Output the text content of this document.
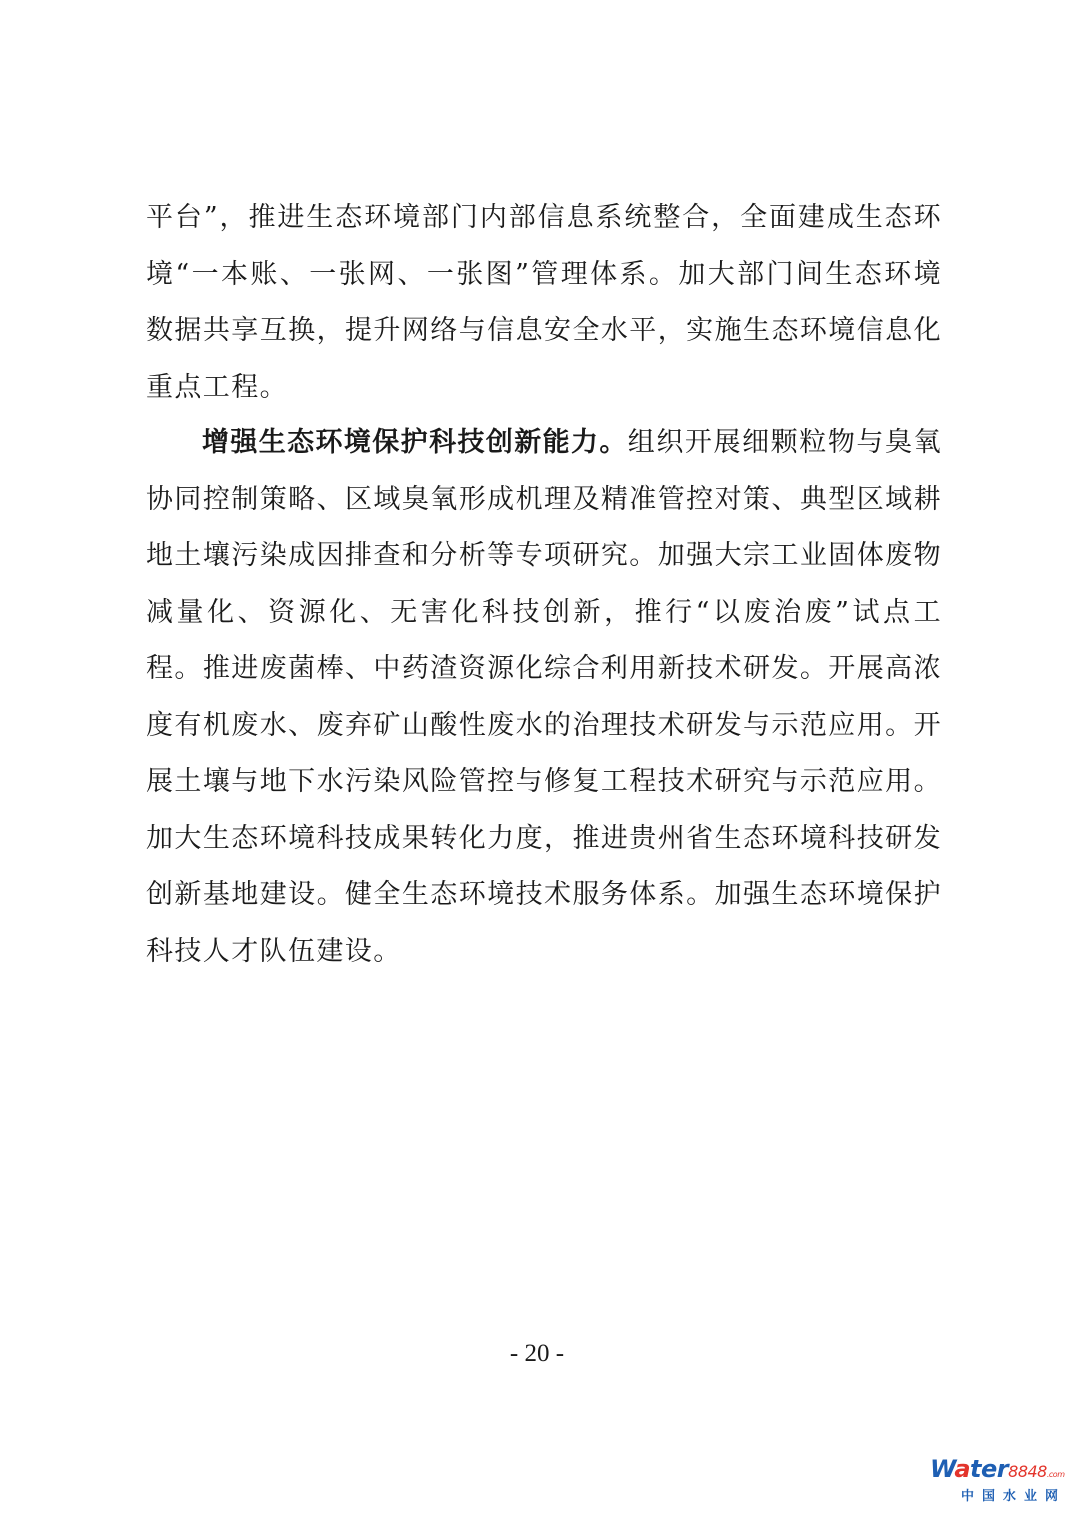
平台”，推进生态环境部门内部信息系统整合，全面建成生态环境“一本账、一张网、一张图”管理体系。加大部门间生态环境数据共享互换，提升网络与信息安全水平，实施生态环境信息化重点工程。

增强生态环境保护科技创新能力。组织开展细颗粒物与臭氧协同控制策略、区域臭氧形成机理及精准管控对策、典型区域耕地土壤污染成因排查和分析等专项研究。加强大宗工业固体废物减量化、资源化、无害化科技创新，推行“以废治废”试点工程。推进废菌棒、中药渣资源化综合利用新技术研发。开展高浓度有机废水、废弃矿山酸性废水的治理技术研发与示范应用。开展土壤与地下水污染风险管控与修复工程技术研究与示范应用。加大生态环境科技成果转化力度，推进贵州省生态环境科技研发创新基地建设。健全生态环境技术服务体系。加强生态环境保护科技人才队伍建设。

- 20 -
Water8848.com
中国水业网
